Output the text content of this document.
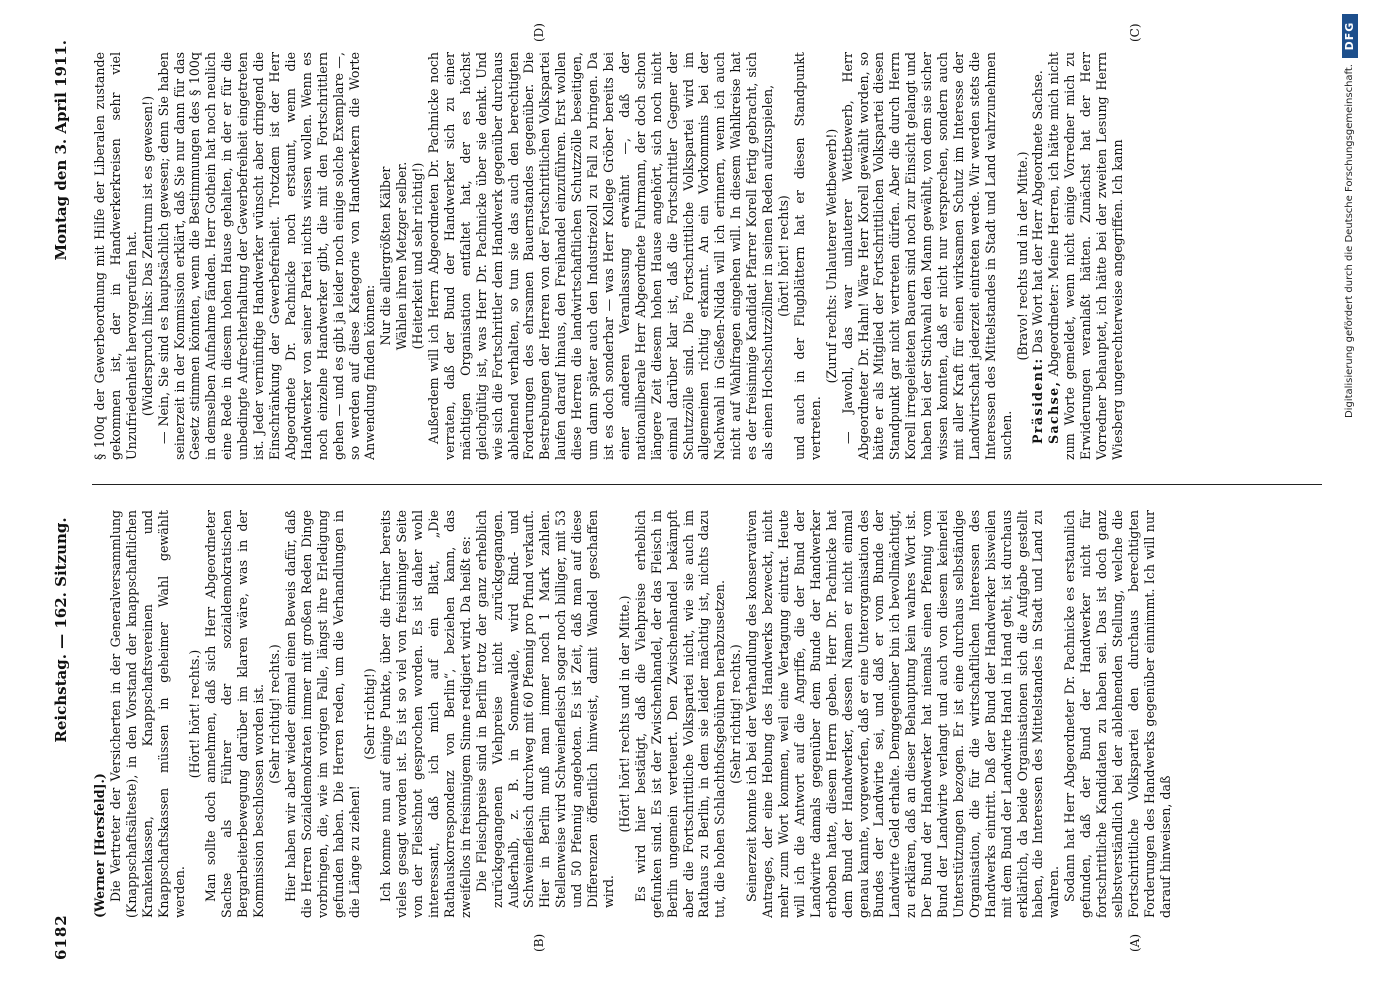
6182
Reichstag. — 162. Sitzung.
Montag den 3. April 1911.
(A)
(B)
(C)
(D)

(Werner [Hersfeld].) Die Vertreter der Versicherten in der Generalversammlung (Knappschaftsälteste), in den Vorstand der knappschaftlichen Krankenkassen, Knappschaftsvereinen und Knappschaftskassen müssen in geheimer Wahl gewählt werden.

(Hört! hört! rechts.) Man sollte doch annehmen, daß sich Herr Abgeordneter Sachse als Führer der sozialdemokratischen Bergarbeiterbewegung darüber im klaren wäre, was in der Kommission beschlossen worden ist. (Sehr richtig! rechts.) Hier haben wir aber wieder einmal einen Beweis dafür, daß die Herren Sozialdemokraten immer mit großen Reden Dinge vorbringen, die, wie im vorigen Falle, längst ihre Erledigung gefunden haben. Die Herren reden, um die Verhandlungen in die Länge zu ziehen!

(Sehr richtig!) Ich komme nun auf einige Punkte, über die früher bereits vieles gesagt worden ist. Es ist so viel von freisinniger Seite von der Fleischnot gesprochen worden. Es ist daher wohl interessant, daß ich mich auf ein Blatt, „Die Rathauskorrespondenz von Berlin“, beziehen kann, das zweifellos in freisinnigem Sinne redigiert wird. Da heißt es: Die Fleischpreise sind in Berlin trotz der ganz erheblich zurückgegangenen Viehpreise nicht zurückgegangen. Außerhalb, z. B. in Sonnewalde, wird Rind- und Schweinefleisch durchweg mit 60 Pfennig pro Pfund verkauft. Hier in Berlin muß man immer noch 1 Mark zahlen. Stellenweise wird Schweinefleisch sogar noch billiger, mit 53 und 50 Pfennig angeboten. Es ist Zeit, daß man auf diese Differenzen öffentlich hinweist, damit Wandel geschaffen wird.

(Hört! hört! rechts und in der Mitte.) Es wird hier bestätigt, daß die Viehpreise erheblich gefunken sind. Es ist der Zwischenhandel, der das Fleisch in Berlin ungemein verteuert. Den Zwischenhandel bekämpft aber die Fortschrittliche Volkspartei nicht, wie sie auch im Rathaus zu Berlin, in dem sie leider mächtig ist, nichts dazu tut, die hohen Schlachthofsgebühren herabzusetzen. (Sehr richtig! rechts.) Seinerzeit konnte ich bei der Verhandlung des konservativen Antrages, der eine Hebung des Handwerks bezweckt, nicht mehr zum Wort kommen, weil eine Vertagung eintrat. Heute will ich die Antwort auf die Angriffe, die der Bund der Landwirte damals gegenüber dem Bunde der Handwerker erhoben hatte, diesem Herrn geben. Herr Dr. Pachnicke hat dem Bund der Handwerker, dessen Namen er nicht einmal genau kannte, vorgeworfen, daß er eine Unterorganisation des Bundes der Landwirte sei, und daß er vom Bunde der Landwirte Geld erhalte. Demgegenüber bin ich bevollmächtigt, zu erklären, daß an dieser Behauptung kein wahres Wort ist. Der Bund der Handwerker hat niemals einen Pfennig vom Bund der Landwirte verlangt und auch von diesem keinerlei Unterstützungen bezogen. Er ist eine durchaus selbständige Organisation, die für die wirtschaftlichen Interessen des Handwerks eintritt. Daß der Bund der Handwerker bisweilen mit dem Bund der Landwirte Hand in Hand geht, ist durchaus erklärlich, da beide Organisationen sich die Aufgabe gestellt haben, die Interessen des Mittelstandes in Stadt und Land zu wahren. Sodann hat Herr Abgeordneter Dr. Pachnicke es erstaunlich gefunden, daß der Bund der Handwerker nicht für fortschrittliche Kandidaten zu haben sei. Das ist doch ganz selbstverständlich bei der ablehnenden Stellung, welche die Fortschrittliche Volkspartei den durchaus berechtigten Forderungen des Handwerks gegenüber einnimmt. Ich will nur darauf hinweisen, daß

§ 100q der Gewerbeordnung mit Hilfe der Liberalen zustande gekommen ist, der in Handwerkerkreisen sehr viel Unzufriedenheit hervorgerufen hat. (Widerspruch links: Das Zentrum ist es gewesen!) — Nein, Sie sind es hauptsächlich gewesen; denn Sie haben seinerzeit in der Kommission erklärt, daß Sie nur dann für das Gesetz stimmen könnten, wenn die Bestimmungen des § 100q in demselben Aufnahme fänden. Herr Gothein hat noch neulich eine Rede in diesem hohen Hause gehalten, in der er für die unbedingte Aufrechterhaltung der Gewerbefreiheit eingetreten ist. Jeder vernünftige Handwerker wünscht aber dringend die Einschränkung der Gewerbefreiheit. Trotzdem ist der Herr Abgeordnete Dr. Pachnicke noch erstaunt, wenn die Handwerker von seiner Partei nichts wissen wollen. Wenn es noch einzelne Handwerker gibt, die mit den Fortschrittlern gehen — und es gibt ja leider noch einige solche Exemplare —, so werden auf diese Kategorie von Handwerkern die Worte Anwendung finden können:

Nur die allergrößten Kälber Wählen ihren Metzger selber. (Heiterkeit und sehr richtig!) Außerdem will ich Herrn Abgeordneten Dr. Pachnicke noch verraten, daß der Bund der Handwerker sich zu einer mächtigen Organisation entfaltet hat, der es höchst gleichgültig ist, was Herr Dr. Pachnicke über sie denkt. Und wie sich die Fortschrittler dem Handwerk gegenüber durchaus ablehnend verhalten, so tun sie das auch den berechtigten Forderungen des ehrsamen Bauernstandes gegenüber. Die Bestrebungen der Herren von der Fortschrittlichen Volkspartei laufen darauf hinaus, den Freihandel einzuführen. Erst wollen diese Herren die landwirtschaftlichen Schutzzölle beseitigen, um dann später auch den Industriezoll zu Fall zu bringen. Da ist es doch sonderbar — was Herr Kollege Gröber bereits bei einer anderen Veranlassung erwähnt —, daß der nationalliberale Herr Abgeordnete Fuhrmann, der doch schon längere Zeit diesem hohen Hause angehört, sich noch nicht einmal darüber klar ist, daß die Fortschrittler Gegner der Schutzzölle sind. Die Fortschrittliche Volkspartei wird im allgemeinen richtig erkannt. An ein Vorkommnis bei der Nachwahl in Gießen-Nidda will ich erinnern, wenn ich auch nicht auf Wahlfragen eingehen will. In diesem Wahlkreise hat es der freisinnige Kandidat Pfarrer Korell fertig gebracht, sich als einen Hochschutzzöllner in seinen Reden aufzuspielen, (hört! hört! rechts) und auch in der Flugblättern hat er diesen Standpunkt vertreten.

(Zuruf rechts: Unlauterer Wettbewerb!) — Jawohl, das war unlauterer Wettbewerb, Herr Abgeordneter Dr. Hahn! Wäre Herr Korell gewählt worden, so hätte er als Mitglied der Fortschrittlichen Volkspartei diesen Standpunkt gar nicht vertreten dürfen. Aber die durch Herrn Korell irregeleiteten Bauern sind noch zur Einsicht gelangt und haben bei der Stichwahl den Mann gewählt, von dem sie sicher wissen konnten, daß er nicht nur versprechen, sondern auch mit aller Kraft für einen wirksamen Schutz im Interesse der Landwirtschaft jederzeit eintreten werde. Wir werden stets die Interessen des Mittelstandes in Stadt und Land wahrzunehmen suchen.

(Bravo! rechts und in der Mitte.)

Präsident: Das Wort hat der Herr Abgeordnete Sachse.

Sachse, Abgeordneter: Meine Herren, ich hätte mich nicht zum Worte gemeldet, wenn nicht einige Vorredner mich zu Erwiderungen veranlaßt hätten. Zunächst hat der Herr Vorredner behauptet, ich hätte bei der zweiten Lesung Herrn Wiesberg ungerechterweise angegriffen. Ich kann	Digitalisierung gefördert durch die Deutsche Forschungsgemeinschaft.
DFG
